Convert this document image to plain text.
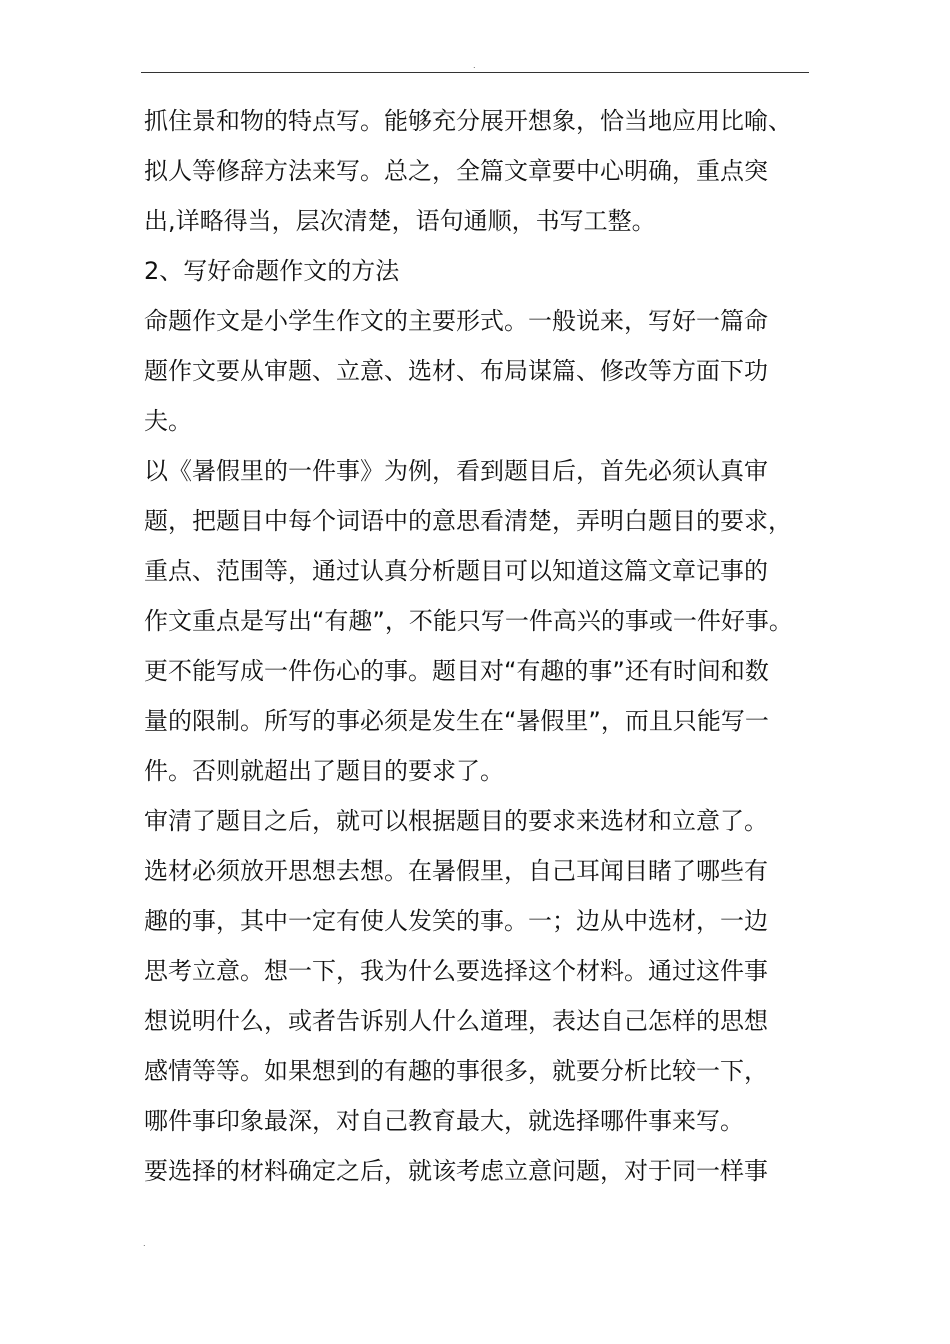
.
抓住景和物的特点写。能够充分展开想象，恰当地应用比喻、
拟人等修辞方法来写。总之，全篇文章要中心明确，重点突
出,详略得当，层次清楚，语句通顺，书写工整。
2、写好命题作文的方法
命题作文是小学生作文的主要形式。一般说来，写好一篇命
题作文要从审题、立意、选材、布局谋篇、修改等方面下功
夫。
以《暑假里的一件事》为例，看到题目后，首先必须认真审
题，把题目中每个词语中的意思看清楚，弄明白题目的要求，
重点、范围等，通过认真分析题目可以知道这篇文章记事的
作文重点是写出“有趣”，不能只写一件高兴的事或一件好事。
更不能写成一件伤心的事。题目对“有趣的事”还有时间和数
量的限制。所写的事必须是发生在“暑假里”，而且只能写一
件。否则就超出了题目的要求了。
审清了题目之后，就可以根据题目的要求来选材和立意了。
选材必须放开思想去想。在暑假里，自己耳闻目睹了哪些有
趣的事，其中一定有使人发笑的事。一；边从中选材，一边
思考立意。想一下，我为什么要选择这个材料。通过这件事
想说明什么，或者告诉别人什么道理，表达自己怎样的思想
感情等等。如果想到的有趣的事很多，就要分析比较一下，
哪件事印象最深，对自己教育最大，就选择哪件事来写。
要选择的材料确定之后，就该考虑立意问题，对于同一样事
.
